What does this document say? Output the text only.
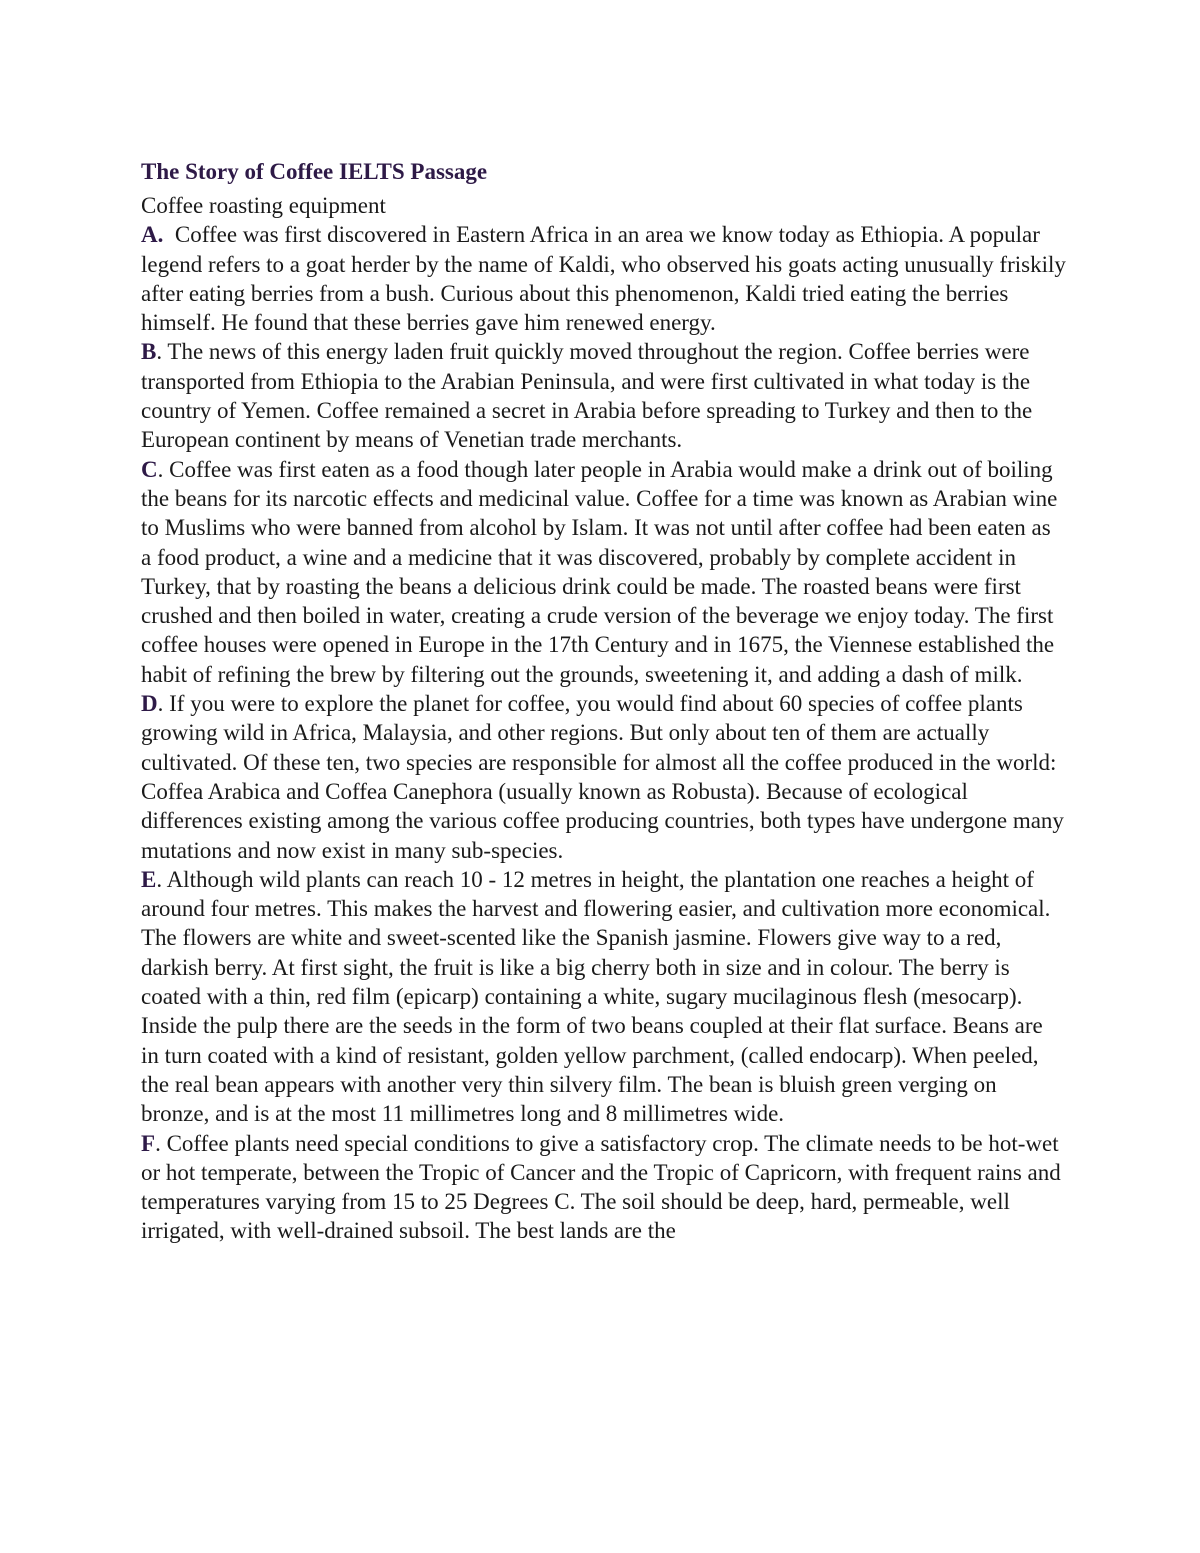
The Story of Coffee IELTS Passage
Coffee roasting equipment

A.  Coffee was first discovered in Eastern Africa in an area we know today as Ethiopia. A popular legend refers to a goat herder by the name of Kaldi, who observed his goats acting unusually friskily after eating berries from a bush. Curious about this phenomenon, Kaldi tried eating the berries himself. He found that these berries gave him renewed energy.

B. The news of this energy laden fruit quickly moved throughout the region. Coffee berries were transported from Ethiopia to the Arabian Peninsula, and were first cultivated in what today is the country of Yemen. Coffee remained a secret in Arabia before spreading to Turkey and then to the European continent by means of Venetian trade merchants.

C. Coffee was first eaten as a food though later people in Arabia would make a drink out of boiling the beans for its narcotic effects and medicinal value. Coffee for a time was known as Arabian wine to Muslims who were banned from alcohol by Islam. It was not until after coffee had been eaten as a food product, a wine and a medicine that it was discovered, probably by complete accident in Turkey, that by roasting the beans a delicious drink could be made. The roasted beans were first crushed and then boiled in water, creating a crude version of the beverage we enjoy today. The first coffee houses were opened in Europe in the 17th Century and in 1675, the Viennese established the habit of refining the brew by filtering out the grounds, sweetening it, and adding a dash of milk.

D. If you were to explore the planet for coffee, you would find about 60 species of coffee plants growing wild in Africa, Malaysia, and other regions. But only about ten of them are actually cultivated. Of these ten, two species are responsible for almost all the coffee produced in the world: Coffea Arabica and Coffea Canephora (usually known as Robusta). Because of ecological differences existing among the various coffee producing countries, both types have undergone many mutations and now exist in many sub-species.

E. Although wild plants can reach 10 - 12 metres in height, the plantation one reaches a height of around four metres. This makes the harvest and flowering easier, and cultivation more economical. The flowers are white and sweet-scented like the Spanish jasmine. Flowers give way to a red, darkish berry. At first sight, the fruit is like a big cherry both in size and in colour. The berry is coated with a thin, red film (epicarp) containing a white, sugary mucilaginous flesh (mesocarp). Inside the pulp there are the seeds in the form of two beans coupled at their flat surface. Beans are in turn coated with a kind of resistant, golden yellow parchment, (called endocarp). When peeled, the real bean appears with another very thin silvery film. The bean is bluish green verging on bronze, and is at the most 11 millimetres long and 8 millimetres wide.

F. Coffee plants need special conditions to give a satisfactory crop. The climate needs to be hot-wet or hot temperate, between the Tropic of Cancer and the Tropic of Capricorn, with frequent rains and temperatures varying from 15 to 25 Degrees C. The soil should be deep, hard, permeable, well irrigated, with well-drained subsoil. The best lands are the
